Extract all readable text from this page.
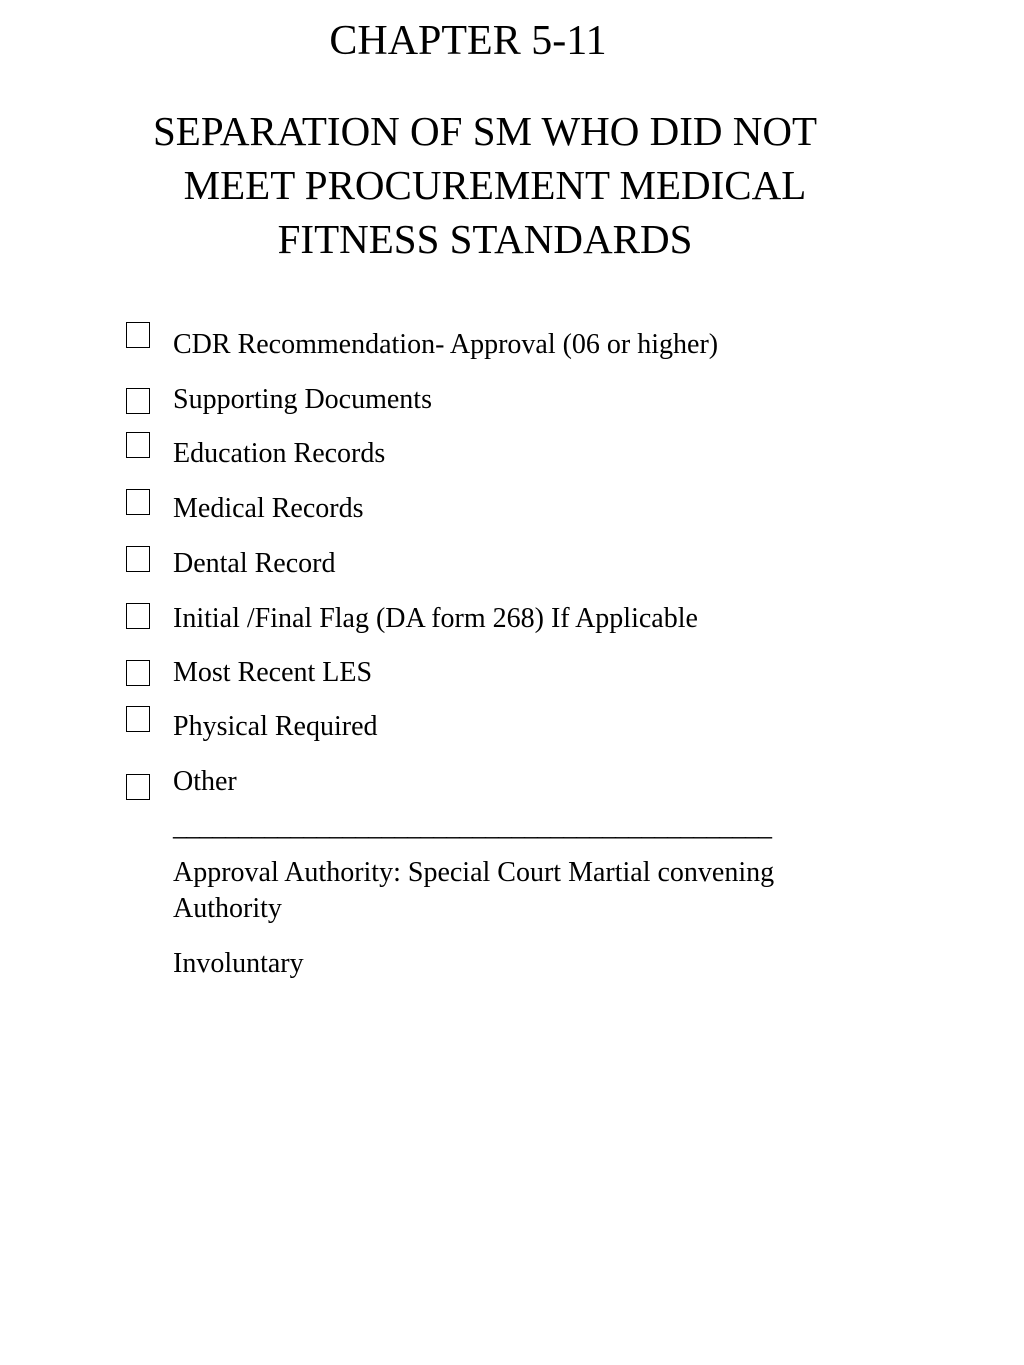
CHAPTER 5-11
SEPARATION OF SM WHO DID NOT
MEET PROCUREMENT MEDICAL
FITNESS STANDARDS
CDR Recommendation- Approval (06 or higher)
Supporting Documents
Education Records
Medical Records
Dental Record
Initial /Final Flag (DA form 268) If Applicable
Most Recent LES
Physical Required
Other
______________________________________________
Approval Authority: Special Court Martial convening Authority
Involuntary
